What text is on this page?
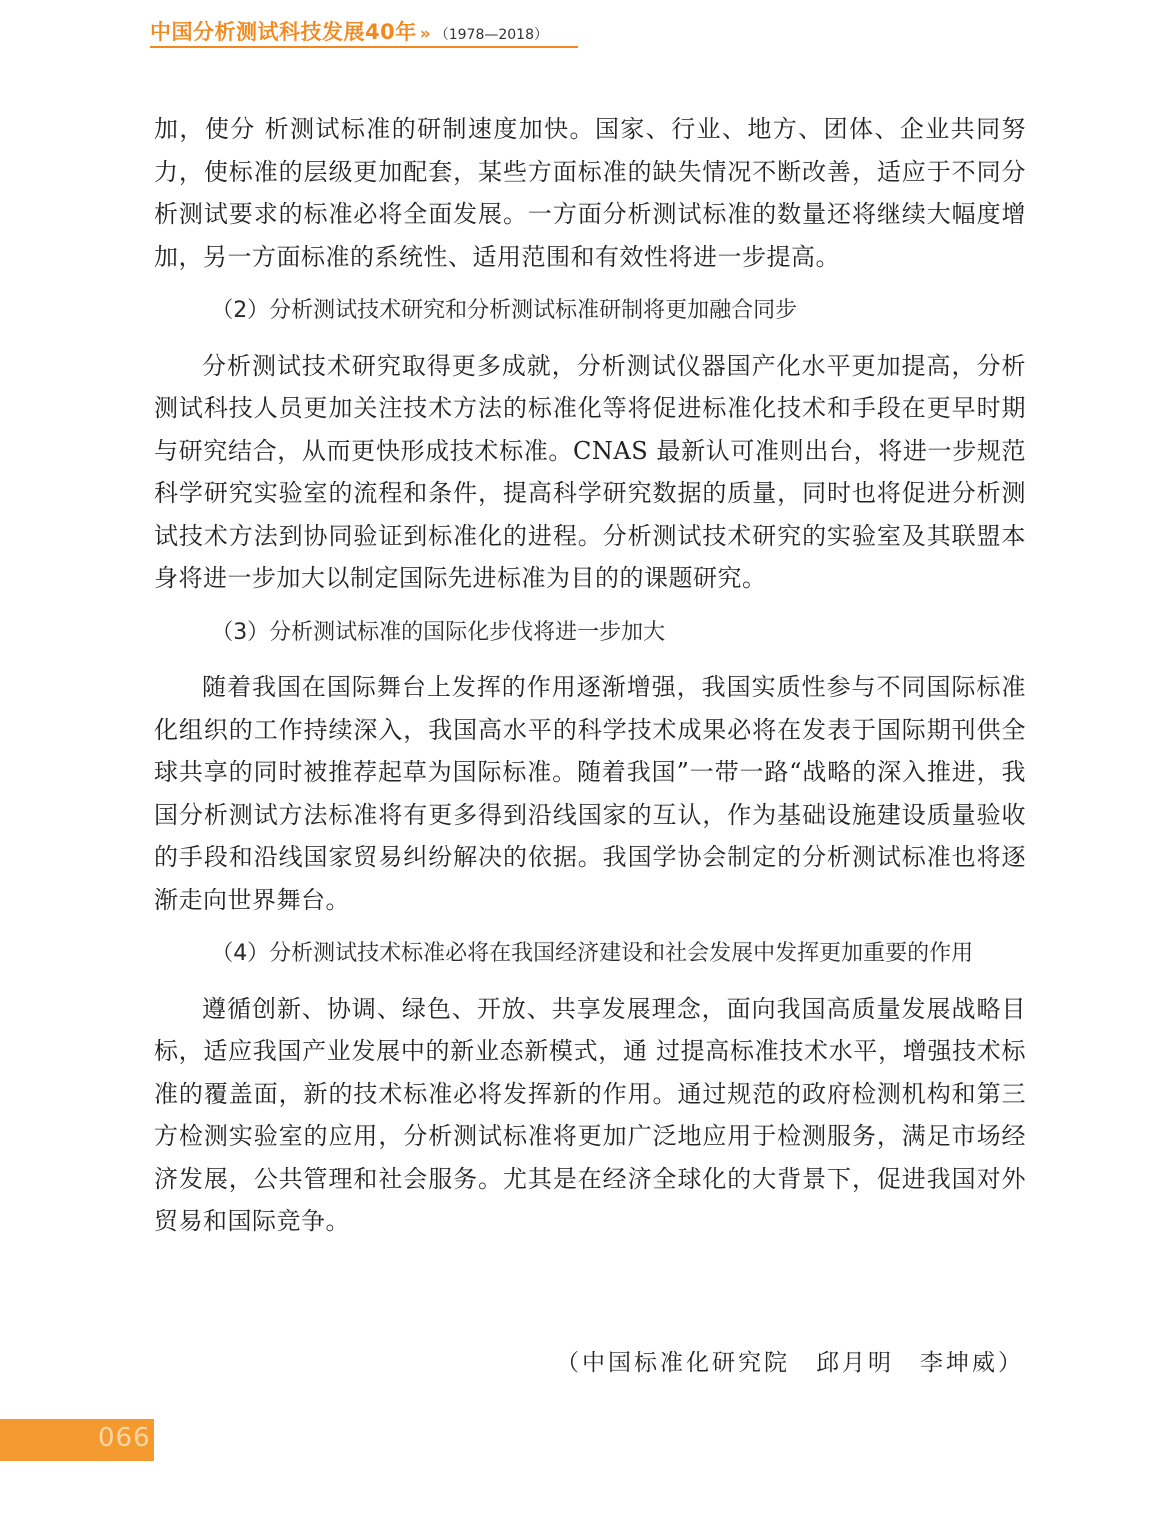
中国分析测试科技发展40年 » （1978—2018）

加，使分 析测试标准的研制速度加快。国家、行业、地方、团体、企业共同努力，使标准的层级更加配套，某些方面标准的缺失情况不断改善，适应于不同分析测试要求的标准必将全面发展。一方面分析测试标准的数量还将继续大幅度增加，另一方面标准的系统性、适用范围和有效性将进一步提高。

（2）分析测试技术研究和分析测试标准研制将更加融合同步

分析测试技术研究取得更多成就，分析测试仪器国产化水平更加提高，分析测试科技人员更加关注技术方法的标准化等将促进标准化技术和手段在更早时期与研究结合，从而更快形成技术标准。CNAS 最新认可准则出台，将进一步规范科学研究实验室的流程和条件，提高科学研究数据的质量，同时也将促进分析测试技术方法到协同验证到标准化的进程。分析测试技术研究的实验室及其联盟本身将进一步加大以制定国际先进标准为目的的课题研究。

（3）分析测试标准的国际化步伐将进一步加大

随着我国在国际舞台上发挥的作用逐渐增强，我国实质性参与不同国际标准化组织的工作持续深入，我国高水平的科学技术成果必将在发表于国际期刊供全球共享的同时被推荐起草为国际标准。随着我国”一带一路“战略的深入推进，我国分析测试方法标准将有更多得到沿线国家的互认，作为基础设施建设质量验收的手段和沿线国家贸易纠纷解决的依据。我国学协会制定的分析测试标准也将逐渐走向世界舞台。

（4）分析测试技术标准必将在我国经济建设和社会发展中发挥更加重要的作用

遵循创新、协调、绿色、开放、共享发展理念，面向我国高质量发展战略目标，适应我国产业发展中的新业态新模式，通 过提高标准技术水平，增强技术标准的覆盖面，新的技术标准必将发挥新的作用。通过规范的政府检测机构和第三方检测实验室的应用，分析测试标准将更加广泛地应用于检测服务，满足市场经济发展，公共管理和社会服务。尤其是在经济全球化的大背景下，促进我国对外贸易和国际竞争。

（中国标准化研究院　邱月明　李坤威）
066
